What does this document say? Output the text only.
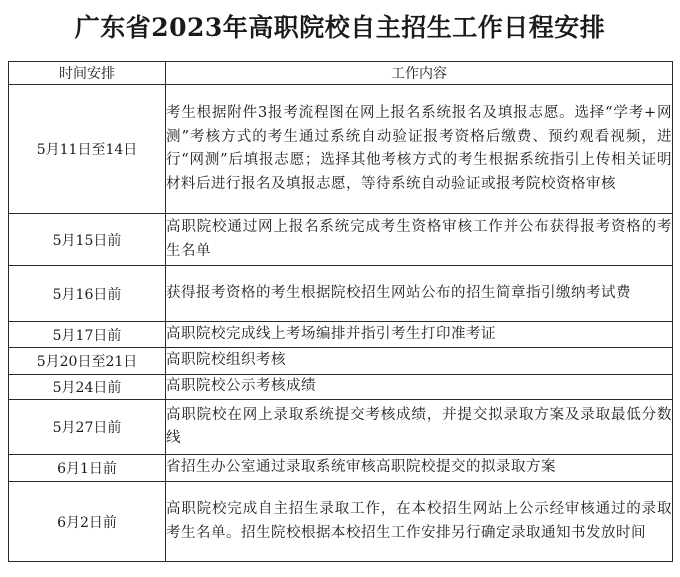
广东省2023年高职院校自主招生工作日程安排
时间安排	工作内容
5月11日至14日	考生根据附件3报考流程图在网上报名系统报名及填报志愿。选择“学考+网测”考核方式的考生通过系统自动验证报考资格后缴费、预约观看视频，进行“网测”后填报志愿；选择其他考核方式的考生根据系统指引上传相关证明材料后进行报名及填报志愿，等待系统自动验证或报考院校资格审核
5月15日前	高职院校通过网上报名系统完成考生资格审核工作并公布获得报考资格的考生名单
5月16日前	获得报考资格的考生根据院校招生网站公布的招生简章指引缴纳考试费
5月17日前	高职院校完成线上考场编排并指引考生打印准考证
5月20日至21日	高职院校组织考核
5月24日前	高职院校公示考核成绩
5月27日前	高职院校在网上录取系统提交考核成绩，并提交拟录取方案及录取最低分数线
6月1日前	省招生办公室通过录取系统审核高职院校提交的拟录取方案
6月2日前	高职院校完成自主招生录取工作，在本校招生网站上公示经审核通过的录取考生名单。招生院校根据本校招生工作安排另行确定录取通知书发放时间
